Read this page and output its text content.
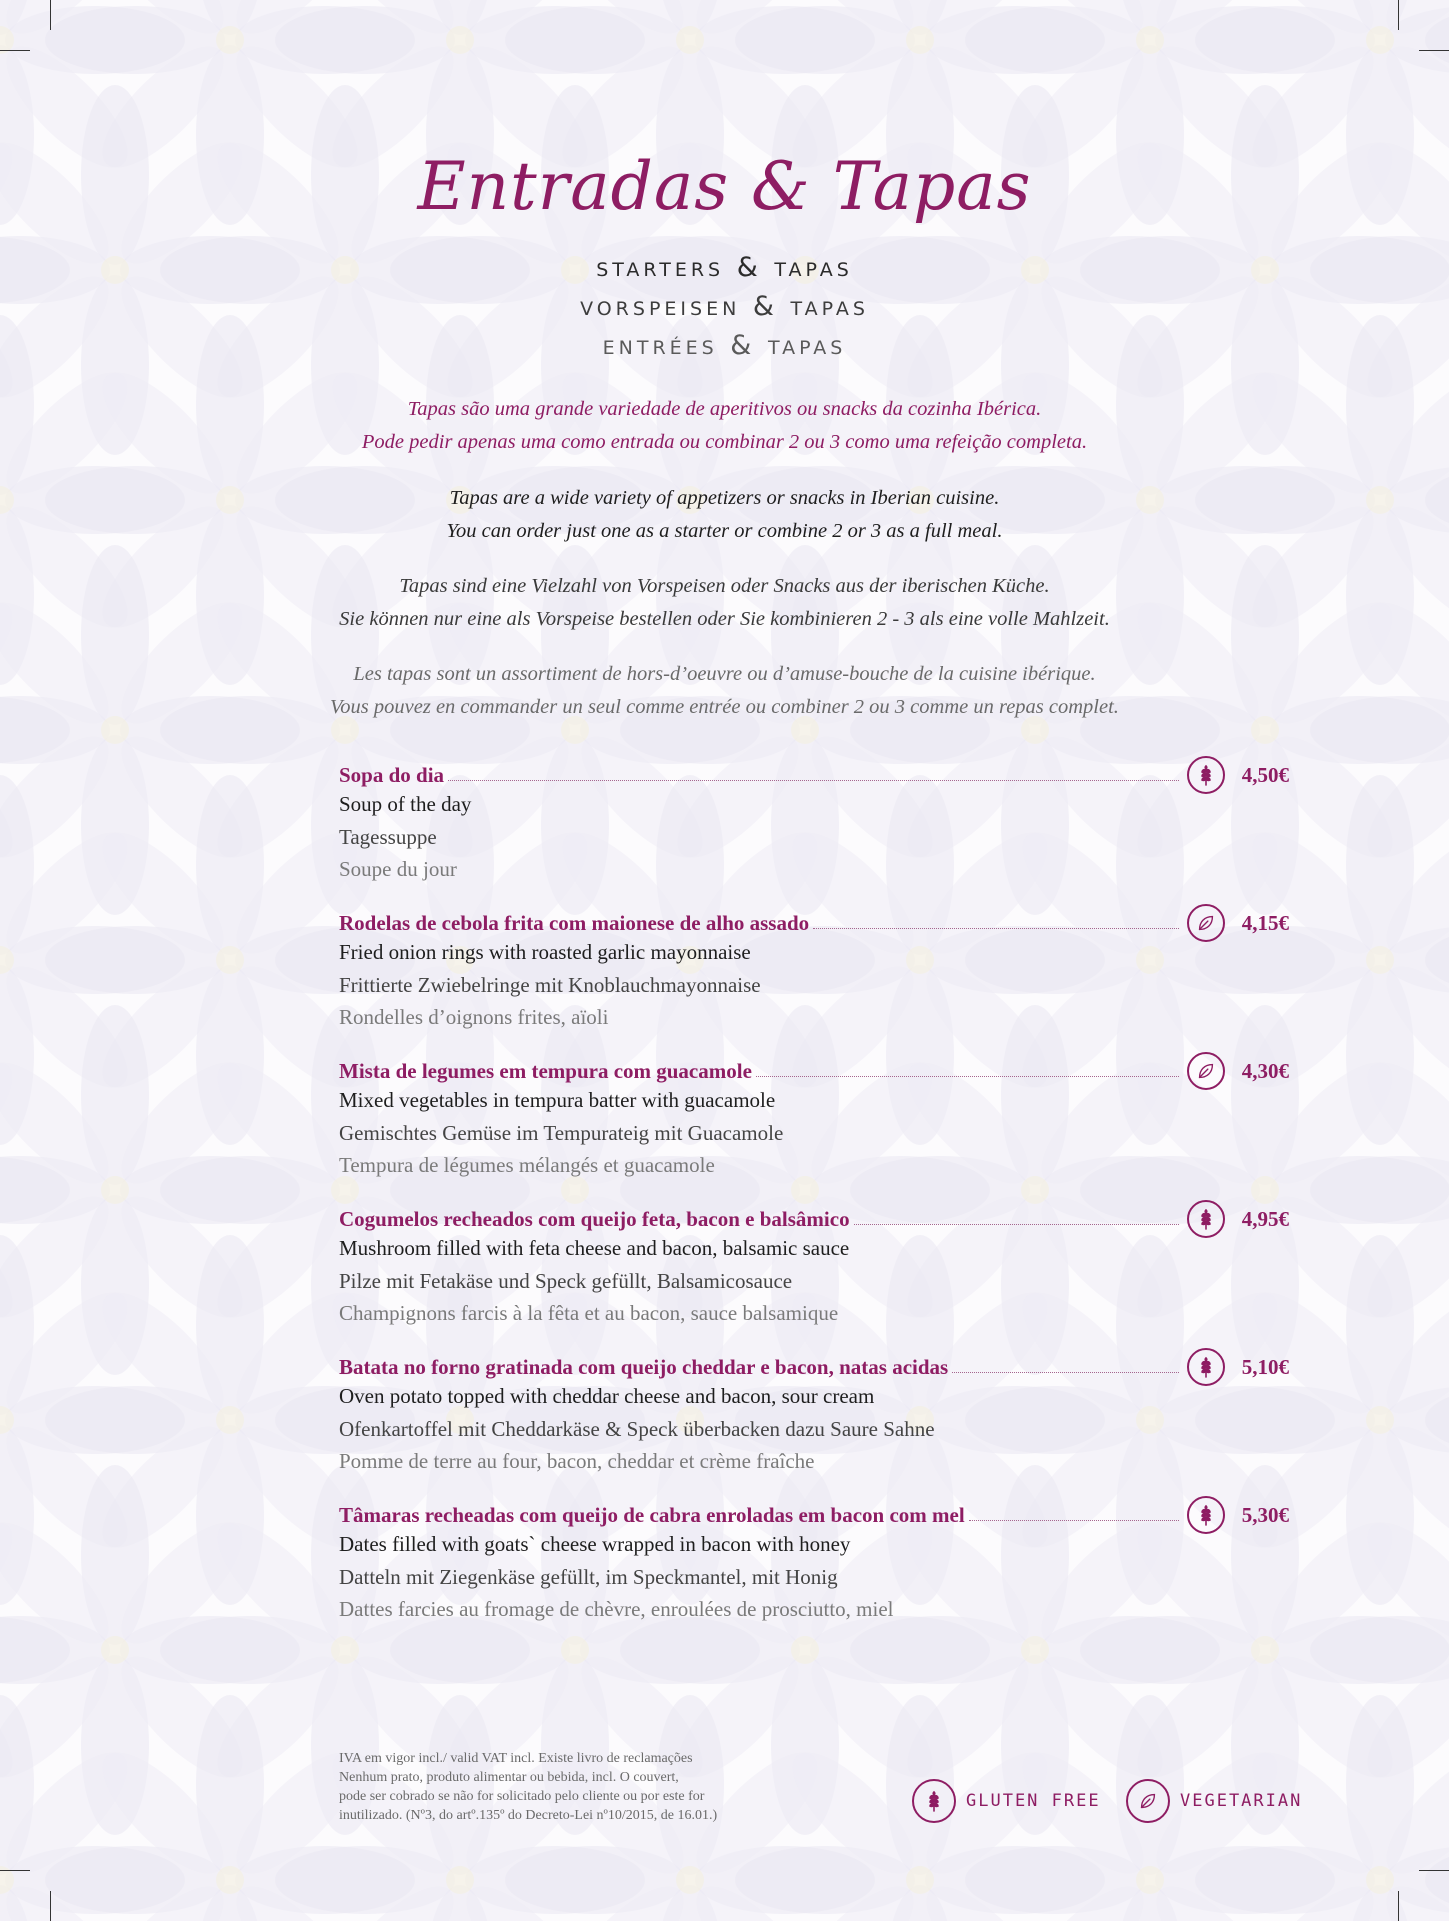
Entradas & Tapas
starters & tapas
vorspeisen & tapas
entrées & tapas

Tapas são uma grande variedade de aperitivos ou snacks da cozinha Ibérica.

Pode pedir apenas uma como entrada ou combinar 2 ou 3 como uma refeição completa.

Tapas are a wide variety of appetizers or snacks in Iberian cuisine.

You can order just one as a starter or combine 2 or 3 as a full meal.

Tapas sind eine Vielzahl von Vorspeisen oder Snacks aus der iberischen Küche.

Sie können nur eine als Vorspeise bestellen oder Sie kombinieren 2 - 3 als eine volle Mahlzeit.

Les tapas sont un assortiment de hors-d’oeuvre ou d’amuse-bouche de la cuisine ibérique.

Vous pouvez en commander un seul comme entrée ou combiner 2 ou 3 comme un repas complet.

Sopa do dia	4,50€
Soup of the day
Tagessuppe
Soupe du jour
Rodelas de cebola frita com maionese de alho assado	4,15€
Fried onion rings with roasted garlic mayonnaise
Frittierte Zwiebelringe mit Knoblauchmayonnaise
Rondelles d’oignons frites, aïoli
Mista de legumes em tempura com guacamole	4,30€
Mixed vegetables in tempura batter with guacamole
Gemischtes Gemüse im Tempurateig mit Guacamole
Tempura de légumes mélangés et guacamole
Cogumelos recheados com queijo feta, bacon e balsâmico	4,95€
Mushroom filled with feta cheese and bacon, balsamic sauce
Pilze mit Fetakäse und Speck gefüllt, Balsamicosauce
Champignons farcis à la fêta et au bacon, sauce balsamique
Batata no forno gratinada com queijo cheddar e bacon, natas acidas	5,10€
Oven potato topped with cheddar cheese and bacon, sour cream
Ofenkartoffel mit Cheddarkäse & Speck überbacken dazu Saure Sahne
Pomme de terre au four, bacon, cheddar et crème fraîche
Tâmaras recheadas com queijo de cabra enroladas em bacon com mel	5,30€
Dates filled with goats` cheese wrapped in bacon with honey
Datteln mit Ziegenkäse gefüllt, im Speckmantel, mit Honig
Dattes farcies au fromage de chèvre, enroulées de prosciutto, miel

IVA em vigor incl./ valid VAT incl. Existe livro de reclamações

Nenhum prato, produto alimentar ou bebida, incl. O couvert,

pode ser cobrado se não for solicitado pelo cliente ou por este for

inutilizado. (Nº3, do artº.135º do Decreto-Lei nº10/2015, de 16.01.)

GLUTEN FREE	VEGETARIAN
